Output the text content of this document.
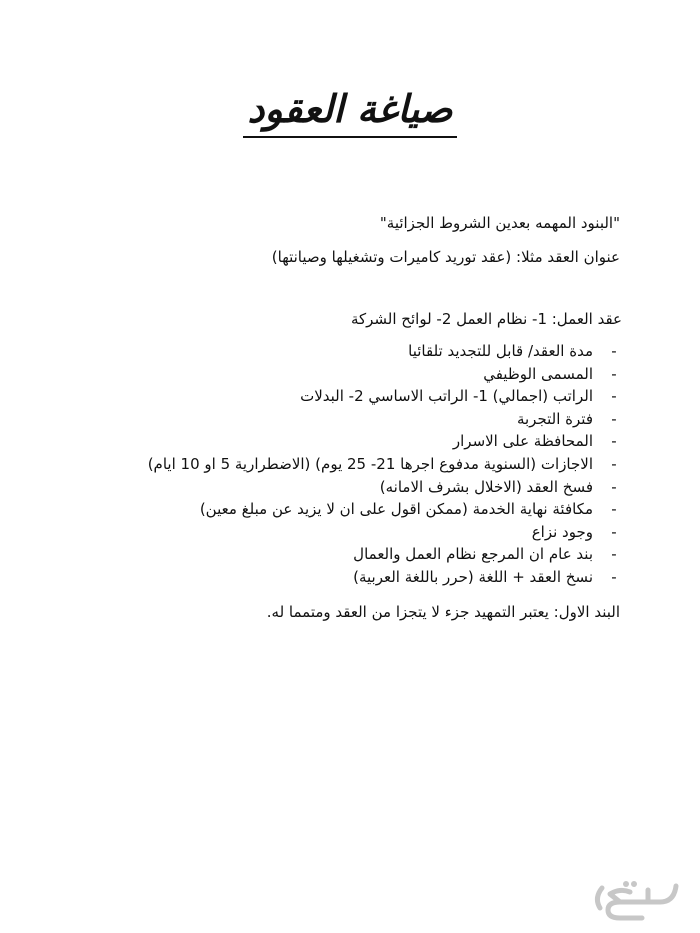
صياغة العقود
"البنود المهمه بعدين الشروط الجزائية"
عنوان العقد مثلا: (عقد توريد كاميرات وتشغيلها وصيانتها)
عقد العمل: 1- نظام العمل 2- لوائح الشركة
-
مدة العقد/ قابل للتجديد تلقائيا
-
المسمى الوظيفي
-
الراتب (اجمالي) 1- الراتب الاساسي 2- البدلات
-
فترة التجربة
-
المحافظة على الاسرار
-
الاجازات (السنوية مدفوع اجرها 21- 25 يوم) (الاضطرارية 5 او 10 ايام)
-
فسخ العقد (الاخلال بشرف الامانه)
-
مكافئة نهاية الخدمة (ممكن اقول على ان لا يزيد عن مبلغ معين)
-
وجود نزاع
-
بند عام ان المرجع نظام العمل والعمال
-
نسخ العقد + اللغة (حرر باللغة العربية)
البند الاول: يعتبر التمهيد جزء لا يتجزا من العقد ومتمما له.
